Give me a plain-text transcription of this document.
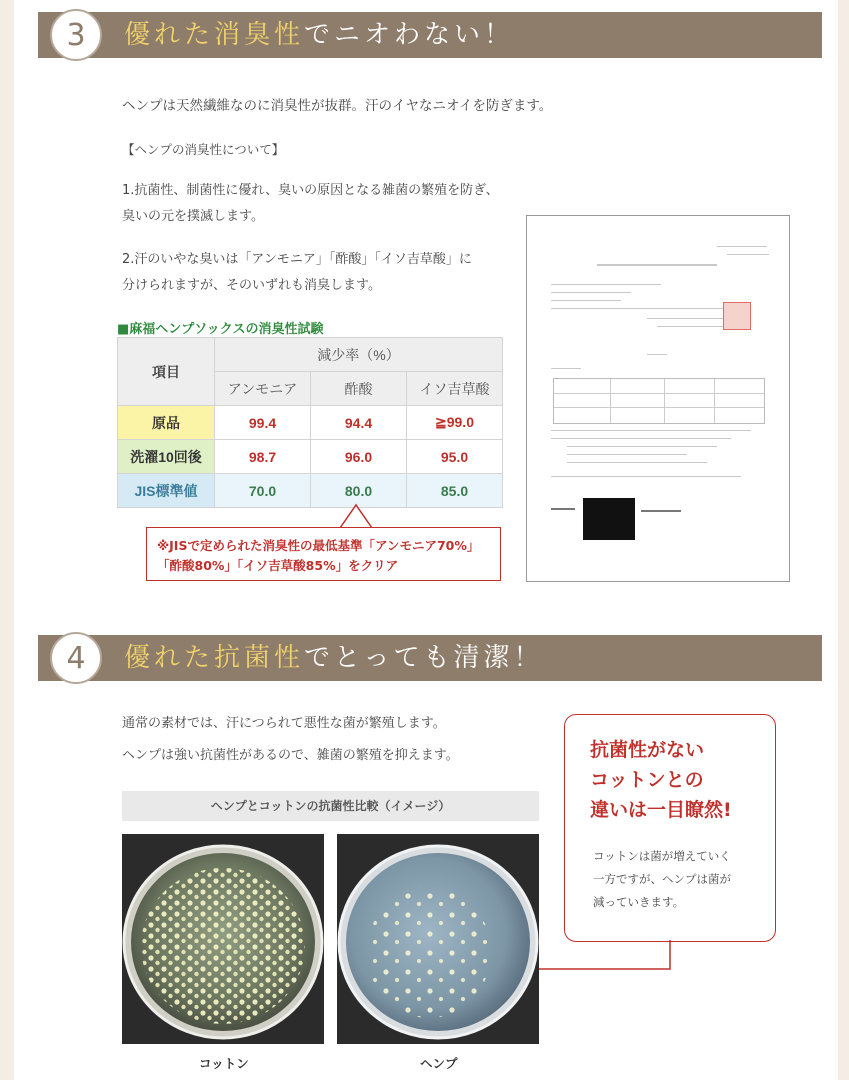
優れた消臭性でニオわない！
3
ヘンプは天然繊維なのに消臭性が抜群。汗のイヤなニオイを防ぎます。
【ヘンプの消臭性について】
1.抗菌性、制菌性に優れ、臭いの原因となる雑菌の繁殖を防ぎ、
臭いの元を撲滅します。
2.汗のいやな臭いは「アンモニア」「酢酸」「イソ吉草酸」に
分けられますが、そのいずれも消臭します。
■麻福ヘンプソックスの消臭性試験
項目	減少率（%）		
	アンモニア	酢酸	イソ吉草酸
原品	99.4	94.4	≧99.0
洗濯10回後	98.7	96.0	95.0
JIS標準値	70.0	80.0	85.0
※JISで定められた消臭性の最低基準「アンモニア70%」
「酢酸80%」「イソ吉草酸85%」をクリア
優れた抗菌性でとっても清潔！
4
通常の素材では、汗につられて悪性な菌が繁殖します。
ヘンプは強い抗菌性があるので、雑菌の繁殖を抑えます。	抗菌性がない
コットンとの
違いは一目瞭然!
コットンは菌が増えていく
一方ですが、ヘンプは菌が
減っていきます。
ヘンプとコットンの抗菌性比較（イメージ）
コットン	ヘンプ
